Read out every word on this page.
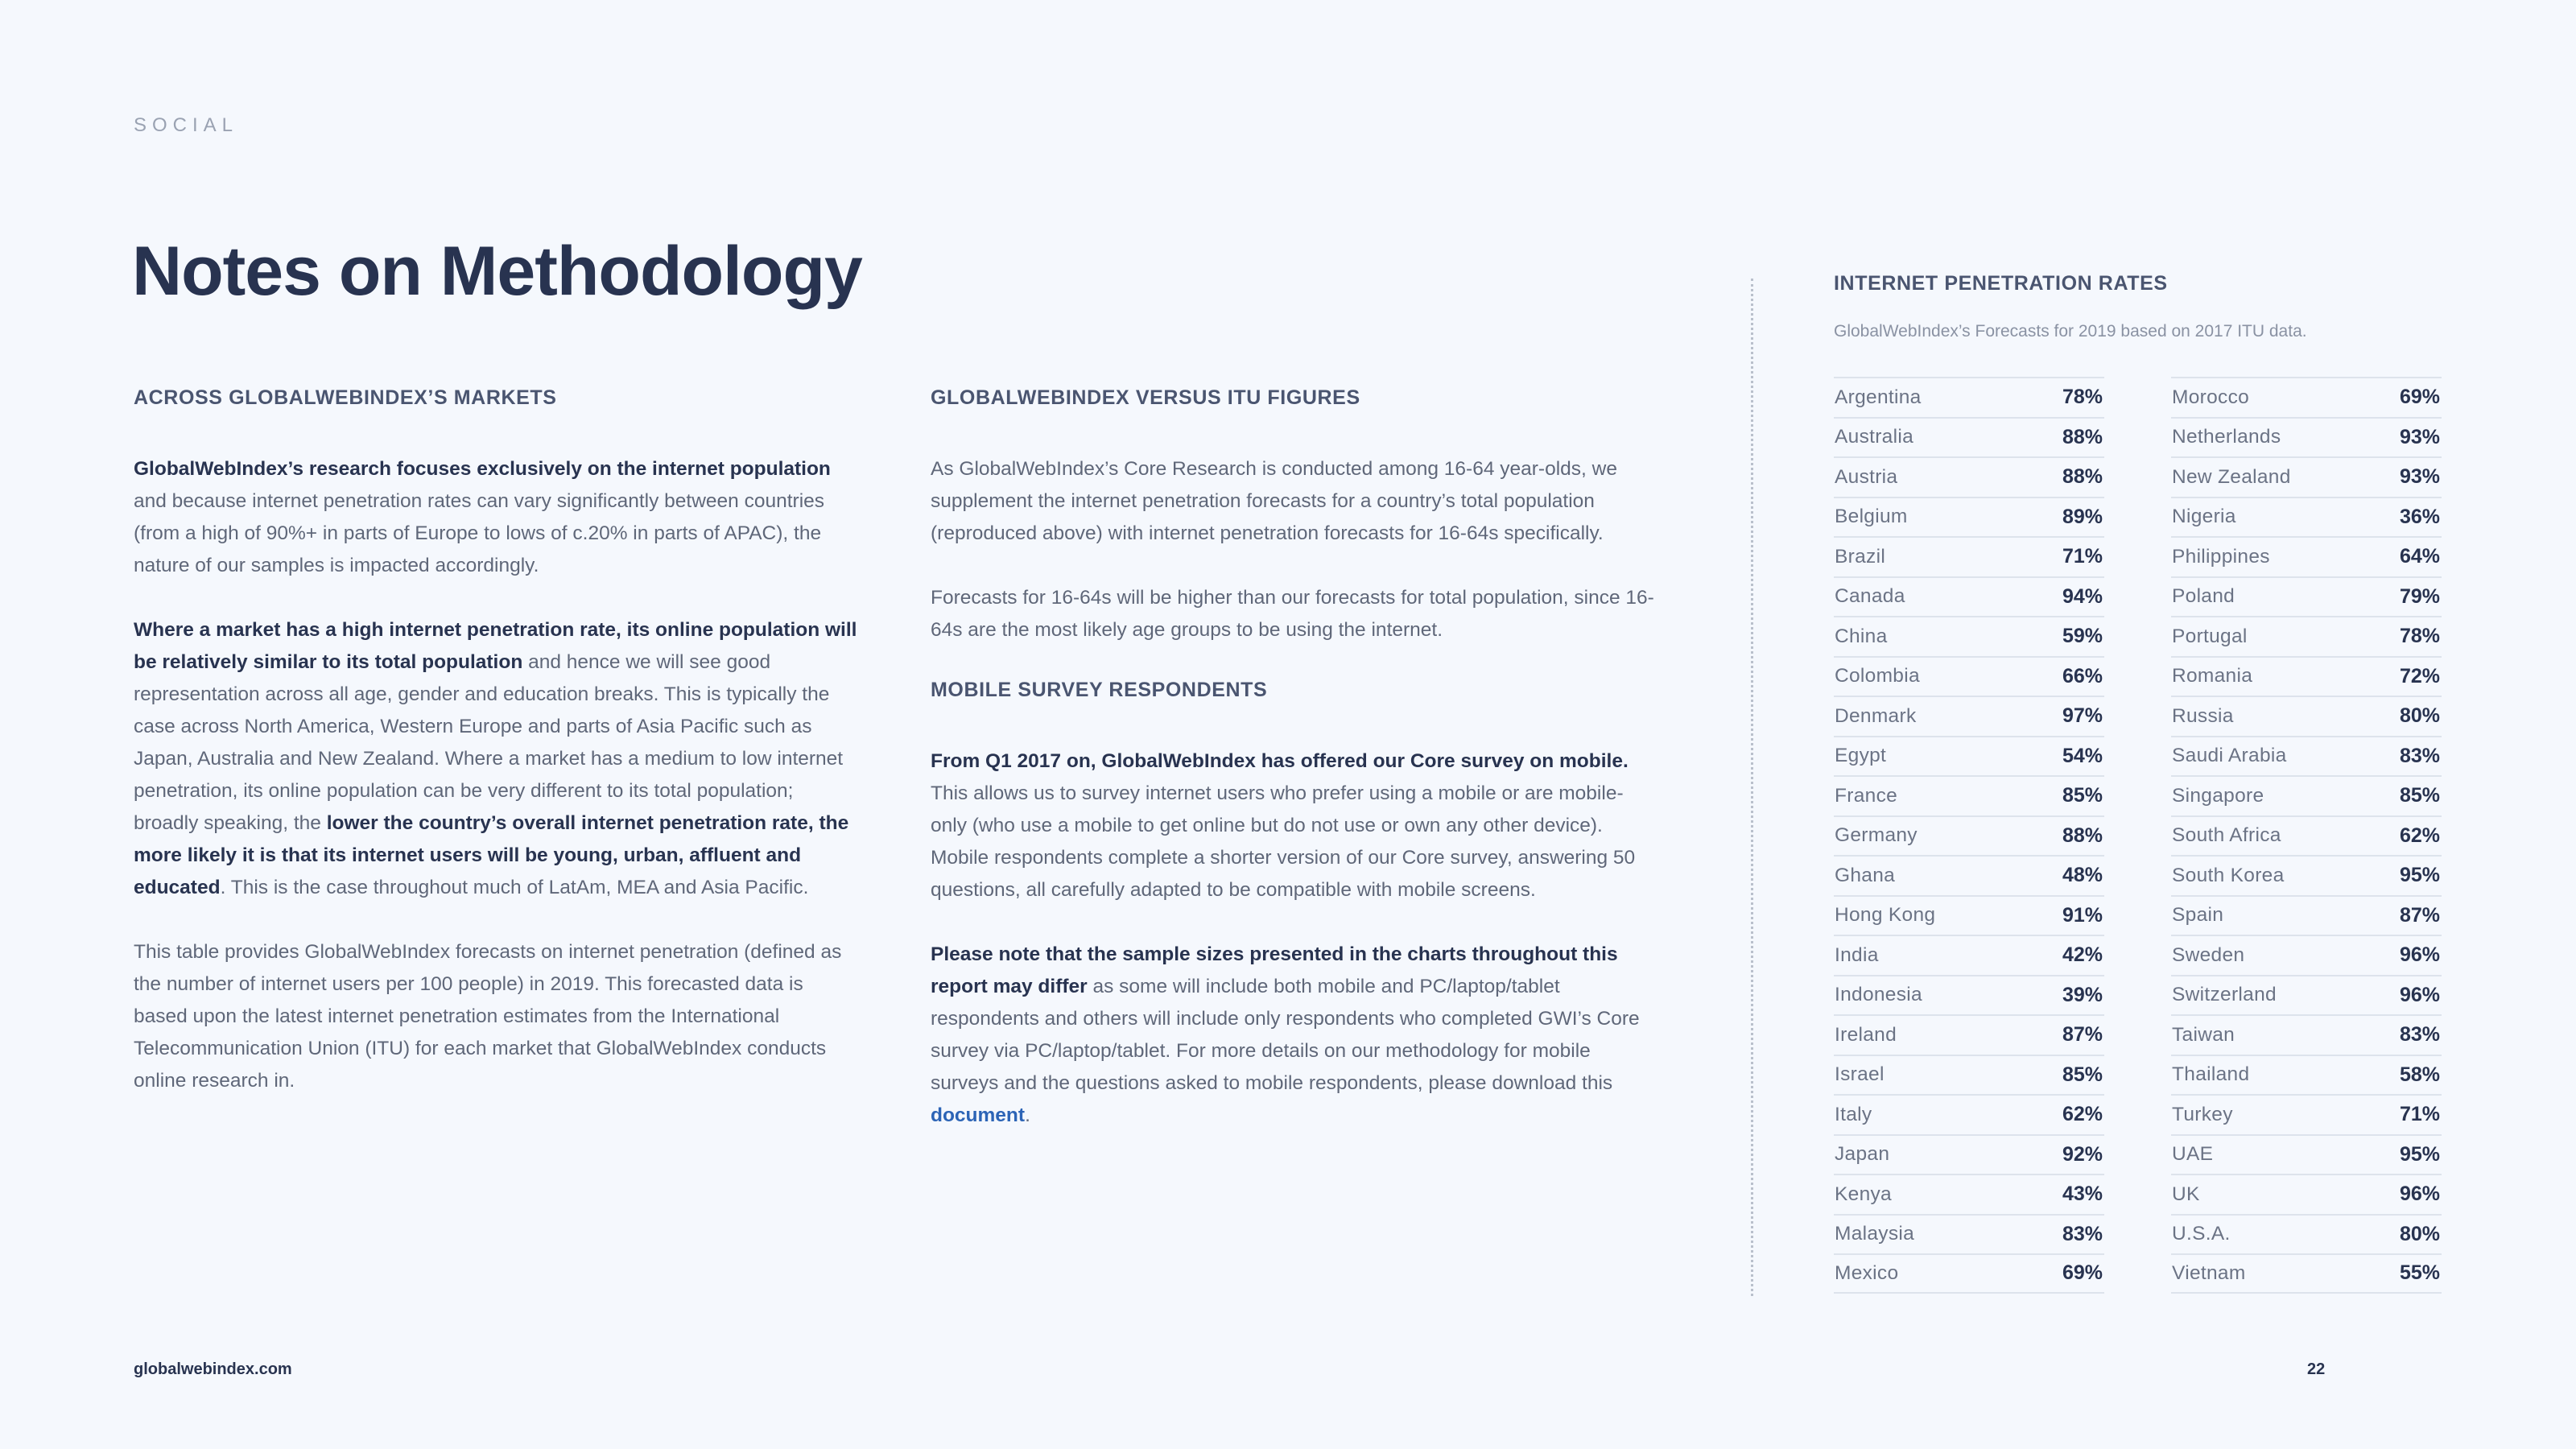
SOCIAL
Notes on Methodology
ACROSS GLOBALWEBINDEX’S MARKETS

GlobalWebIndex’s research focuses exclusively on the internet population and because internet penetration rates can vary significantly between countries (from a high of 90%+ in parts of Europe to lows of c.20% in parts of APAC), the nature of our samples is impacted accordingly.

Where a market has a high internet penetration rate, its online population will be relatively similar to its total population and hence we will see good representation across all age, gender and education breaks. This is typically the case across North America, Western Europe and parts of Asia Pacific such as Japan, Australia and New Zealand. Where a market has a medium to low internet penetration, its online population can be very different to its total population; broadly speaking, the lower the country’s overall internet penetration rate, the more likely it is that its internet users will be young, urban, affluent and educated. This is the case throughout much of LatAm, MEA and Asia Pacific.

This table provides GlobalWebIndex forecasts on internet penetration (defined as the number of internet users per 100 people) in 2019. This forecasted data is based upon the latest internet penetration estimates from the International Telecommunication Union (ITU) for each market that GlobalWebIndex conducts online research in.

GLOBALWEBINDEX VERSUS ITU FIGURES

As GlobalWebIndex’s Core Research is conducted among 16-64 year-olds, we supplement the internet penetration forecasts for a country’s total population (reproduced above) with internet penetration forecasts for 16-64s specifically.

Forecasts for 16-64s will be higher than our forecasts for total population, since 16-64s are the most likely age groups to be using the internet.

MOBILE SURVEY RESPONDENTS

From Q1 2017 on, GlobalWebIndex has offered our Core survey on mobile. This allows us to survey internet users who prefer using a mobile or are mobile-only (who use a mobile to get online but do not use or own any other device). Mobile respondents complete a shorter version of our Core survey, answering 50 questions, all carefully adapted to be compatible with mobile screens.

Please note that the sample sizes presented in the charts throughout this report may differ as some will include both mobile and PC/laptop/tablet respondents and others will include only respondents who completed GWI’s Core survey via PC/laptop/tablet. For more details on our methodology for mobile surveys and the questions asked to mobile respondents, please download this document.

INTERNET PENETRATION RATES
GlobalWebIndex’s Forecasts for 2019 based on 2017 ITU data.
Argentina	78%
Australia	88%
Austria	88%
Belgium	89%
Brazil	71%
Canada	94%
China	59%
Colombia	66%
Denmark	97%
Egypt	54%
France	85%
Germany	88%
Ghana	48%
Hong Kong	91%
India	42%
Indonesia	39%
Ireland	87%
Israel	85%
Italy	62%
Japan	92%
Kenya	43%
Malaysia	83%
Mexico	69%
Morocco	69%
Netherlands	93%
New Zealand	93%
Nigeria	36%
Philippines	64%
Poland	79%
Portugal	78%
Romania	72%
Russia	80%
Saudi Arabia	83%
Singapore	85%
South Africa	62%
South Korea	95%
Spain	87%
Sweden	96%
Switzerland	96%
Taiwan	83%
Thailand	58%
Turkey	71%
UAE	95%
UK	96%
U.S.A.	80%
Vietnam	55%
globalwebindex.com	22
